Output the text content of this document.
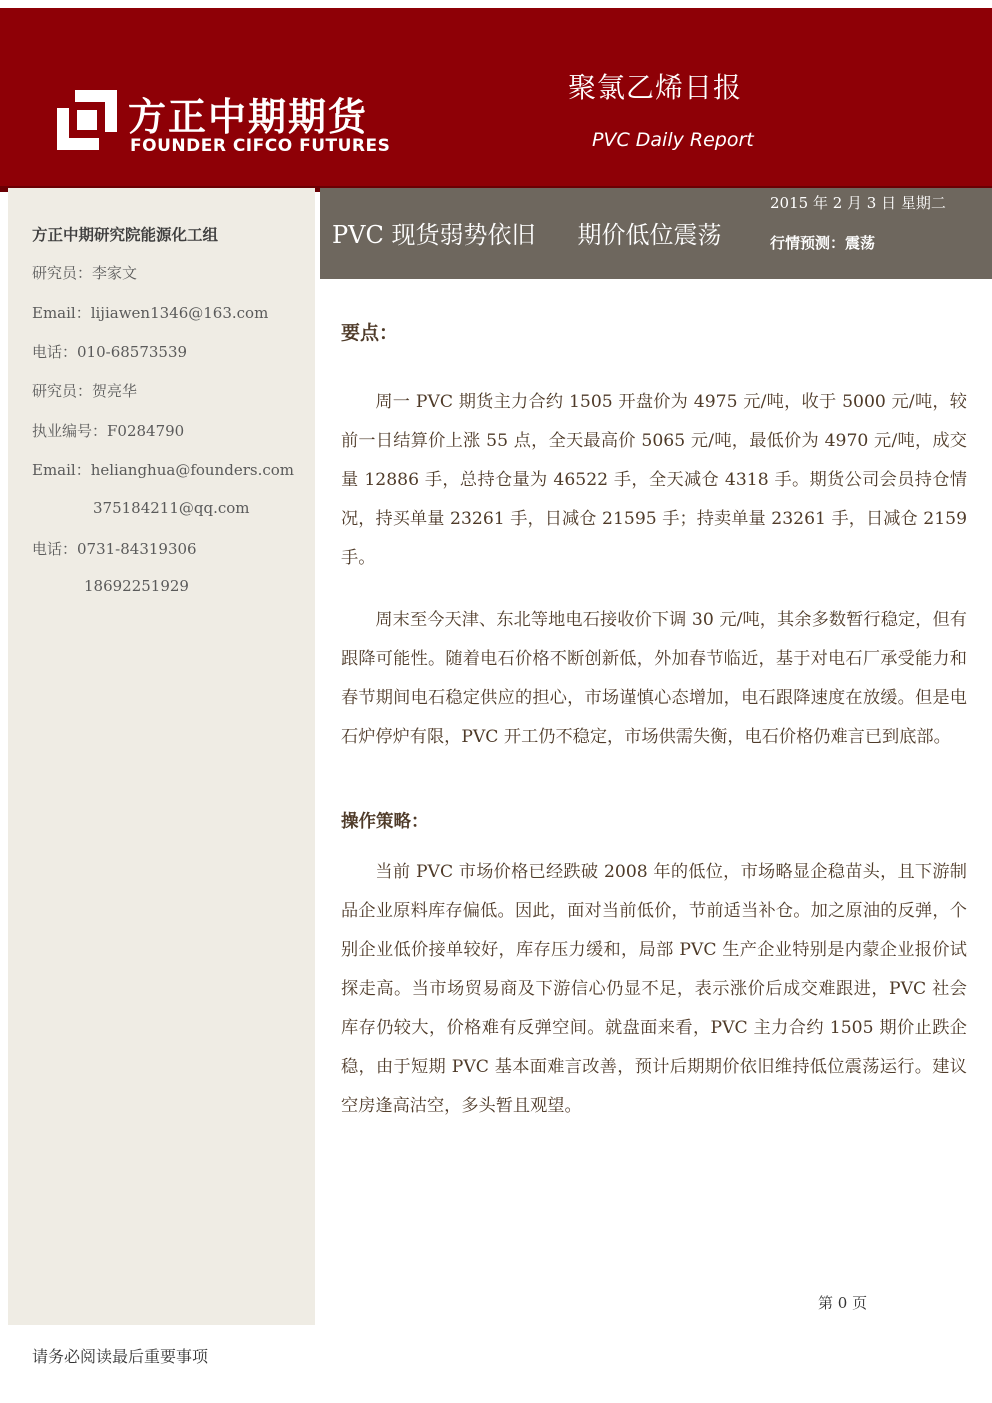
方正中期期货
FOUNDER CIFCO FUTURES
聚氯乙烯日报
PVC Daily Report
方正中期研究院能源化工组
研究员：李家文
Email：lijiawen1346@163.com
电话：010-68573539
研究员：贺亮华
执业编号：F0284790
Email：helianghua@founders.com
375184211@qq.com
电话：0731-84319306
18692251929
PVC 现货弱势依旧 期价低位震荡
2015 年 2 月 3 日 星期二
行情预测：震荡
要点：

周一 PVC 期货主力合约 1505 开盘价为 4975 元/吨，收于 5000 元/吨，较前一日结算价上涨 55 点，全天最高价 5065 元/吨，最低价为 4970 元/吨，成交量 12886 手，总持仓量为 46522 手，全天减仓 4318 手。期货公司会员持仓情况，持买单量 23261 手，日减仓 21595 手；持卖单量 23261 手，日减仓 2159 手。

周末至今天津、东北等地电石接收价下调 30 元/吨，其余多数暂行稳定，但有跟降可能性。随着电石价格不断创新低，外加春节临近，基于对电石厂承受能力和春节期间电石稳定供应的担心，市场谨慎心态增加，电石跟降速度在放缓。但是电石炉停炉有限，PVC 开工仍不稳定，市场供需失衡，电石价格仍难言已到底部。

操作策略：

当前 PVC 市场价格已经跌破 2008 年的低位，市场略显企稳苗头，且下游制品企业原料库存偏低。因此，面对当前低价，节前适当补仓。加之原油的反弹，个别企业低价接单较好，库存压力缓和，局部 PVC 生产企业特别是内蒙企业报价试探走高。当市场贸易商及下游信心仍显不足，表示涨价后成交难跟进，PVC 社会库存仍较大，价格难有反弹空间。就盘面来看，PVC 主力合约 1505 期价止跌企稳，由于短期 PVC 基本面难言改善，预计后期期价依旧维持低位震荡运行。建议空房逢高沽空，多头暂且观望。

第 0 页
请务必阅读最后重要事项
